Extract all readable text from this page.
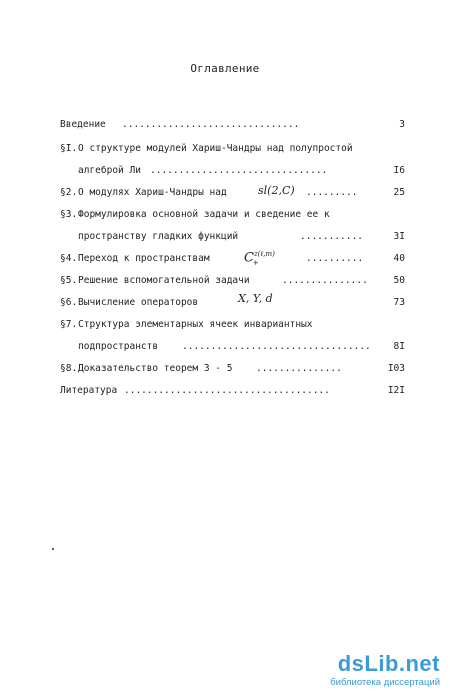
Оглавление
Введение ...............................	3
§I. О структуре модулей Хариш-Чандры над полупростой
алгеброй Ли ...............................	I6
§2. О модулях Хариш-Чандры над	sl(2,C) .........	25
§3. Формулировка основной задачи и сведение ее к
пространству гладких функций	...........	3I
§4. Переход к пространствам	$C^{z(\ell,m)}_+$	..........	40
§5. Решение вспомогательной задачи	...............	50
§6. Вычисление операторов	X, Y, d	73
§7. Структура элементарных ячеек инвариантных
подпространств	.................................	8I
§8. Доказательство теорем 3 - 5 ...............	I03
Литература ....................................	I2I
dsLib.net
библиотека диссертаций
